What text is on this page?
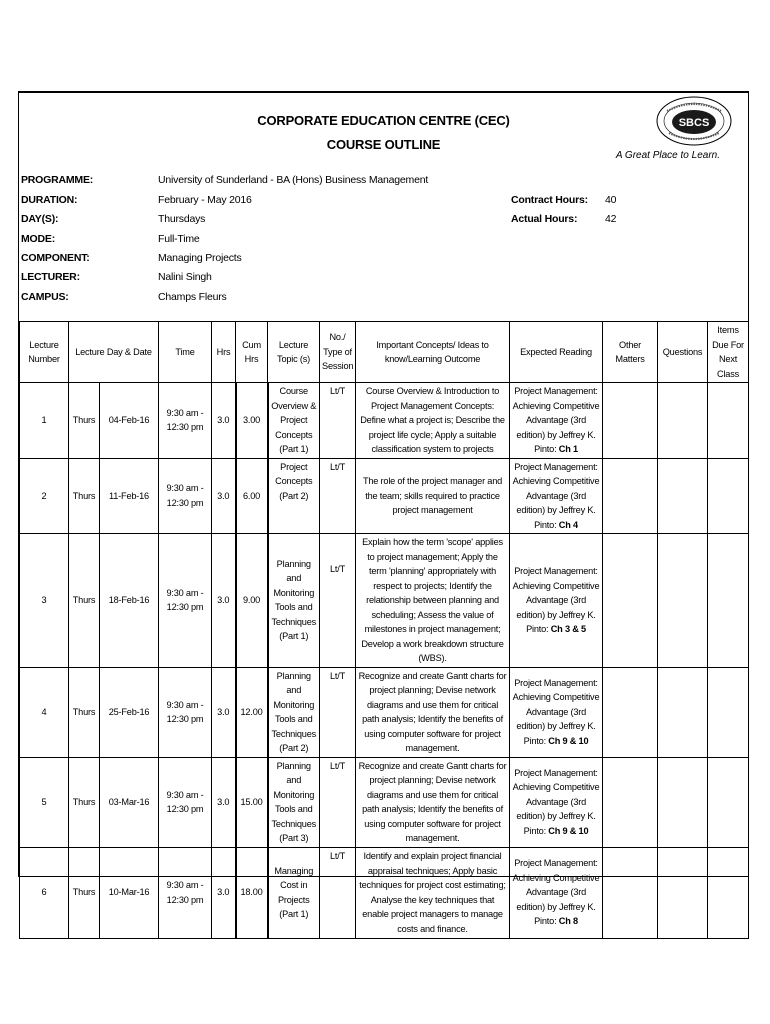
SBCS
CORPORATE EDUCATION CENTRE (CEC)
COURSE OUTLINE
A Great Place to Learn.
PROGRAMME:	University of Sunderland - BA (Hons) Business Management
DURATION:	February - May 2016
DAY(S):	Thursdays
MODE:	Full-Time
COMPONENT:	Managing Projects
LECTURER:	Nalini Singh
CAMPUS:	Champs Fleurs
Contract Hours: 40
Actual Hours:	42
Lecture Number	Lecture Day & Date		Time	Hrs	Cum Hrs	Lecture Topic (s)	No./ Type of Session	Important Concepts/ Ideas to know/Learning Outcome	Expected Reading	Other Matters	Questions	Items Due For Next Class
1	Thurs	04-Feb-16	9:30 am - 12:30 pm	3.0	3.00	Course Overview & Project Concepts (Part 1)	Lt/T	Course Overview & Introduction to Project Management Concepts: Define what a project is; Describe the project life cycle; Apply a suitable classification system to projects	Project Management: Achieving Competitive Advantage (3rd edition) by Jeffrey K. Pinto: Ch 1			
2	Thurs	11-Feb-16	9:30 am - 12:30 pm	3.0	6.00	Project Concepts (Part 2)	Lt/T	The role of the project manager and the team; skills required to practice project management	Project Management: Achieving Competitive Advantage (3rd edition) by Jeffrey K. Pinto: Ch 4			
3	Thurs	18-Feb-16	9:30 am - 12:30 pm	3.0	9.00	Planning and Monitoring Tools and Techniques (Part 1)	Lt/T	Explain how the term 'scope' applies to project management; Apply the term 'planning' appropriately with respect to projects; Identify the relationship between planning and scheduling; Assess the value of milestones in project management; Develop a work breakdown structure (WBS).	Project Management: Achieving Competitive Advantage (3rd edition) by Jeffrey K. Pinto: Ch 3 & 5			
4	Thurs	25-Feb-16	9:30 am - 12:30 pm	3.0	12.00	Planning and Monitoring Tools and Techniques (Part 2)	Lt/T	Recognize and create Gantt charts for project planning; Devise network diagrams and use them for critical path analysis; Identify the benefits of using computer software for project management.	Project Management: Achieving Competitive Advantage (3rd edition) by Jeffrey K. Pinto: Ch 9 & 10			
5	Thurs	03-Mar-16	9:30 am - 12:30 pm	3.0	15.00	Planning and Monitoring Tools and Techniques (Part 3)	Lt/T	Recognize and create Gantt charts for project planning; Devise network diagrams and use them for critical path analysis; Identify the benefits of using computer software for project management.	Project Management: Achieving Competitive Advantage (3rd edition) by Jeffrey K. Pinto: Ch 9 & 10			
6	Thurs	10-Mar-16	9:30 am - 12:30 pm	3.0	18.00	Managing Cost in Projects (Part 1)	Lt/T	Identify and explain project financial appraisal techniques; Apply basic techniques for project cost estimating; Analyse the key techniques that enable project managers to manage costs and finance.	Project Management: Achieving Competitive Advantage (3rd edition) by Jeffrey K. Pinto: Ch 8			
